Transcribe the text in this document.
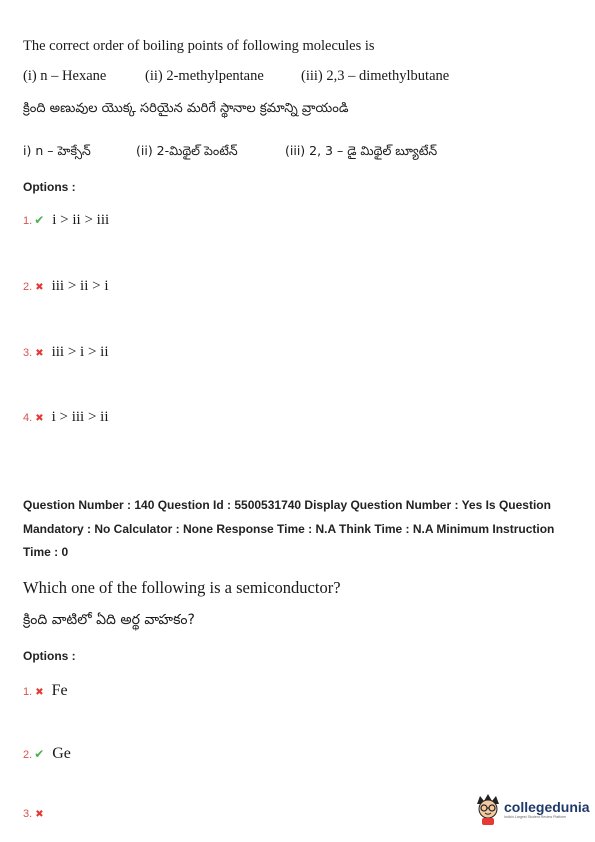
The correct order of boiling points of following molecules is
(i) n – Hexane	(ii) 2-methylpentane	(iii) 2,3 – dimethylbutane
క్రింది అణువుల యొక్క సరియైన మరిగే స్థానాల క్రమాన్ని వ్రాయండి
i) n – హెక్సేన్	(ii) 2-మిథైల్ పెంటేన్	(iii) 2, 3 – డై మిథైల్ బ్యూటేన్
Options :
1. ✔ i > ii > iii
2. ✖ iii > ii > i
3. ✖ iii > i > ii
4. ✖ i > iii > ii
Question Number : 140 Question Id : 5500531740 Display Question Number : Yes Is Question
Mandatory : No Calculator : None Response Time : N.A Think Time : N.A Minimum Instruction
Time : 0
Which one of the following is a semiconductor?
క్రింది వాటిలో ఏది అర్థ వాహకం?
Options :
1. ✖ Fe
2. ✔ Ge
3. ✖	collegedunia
India's Largest Student Review Platform
